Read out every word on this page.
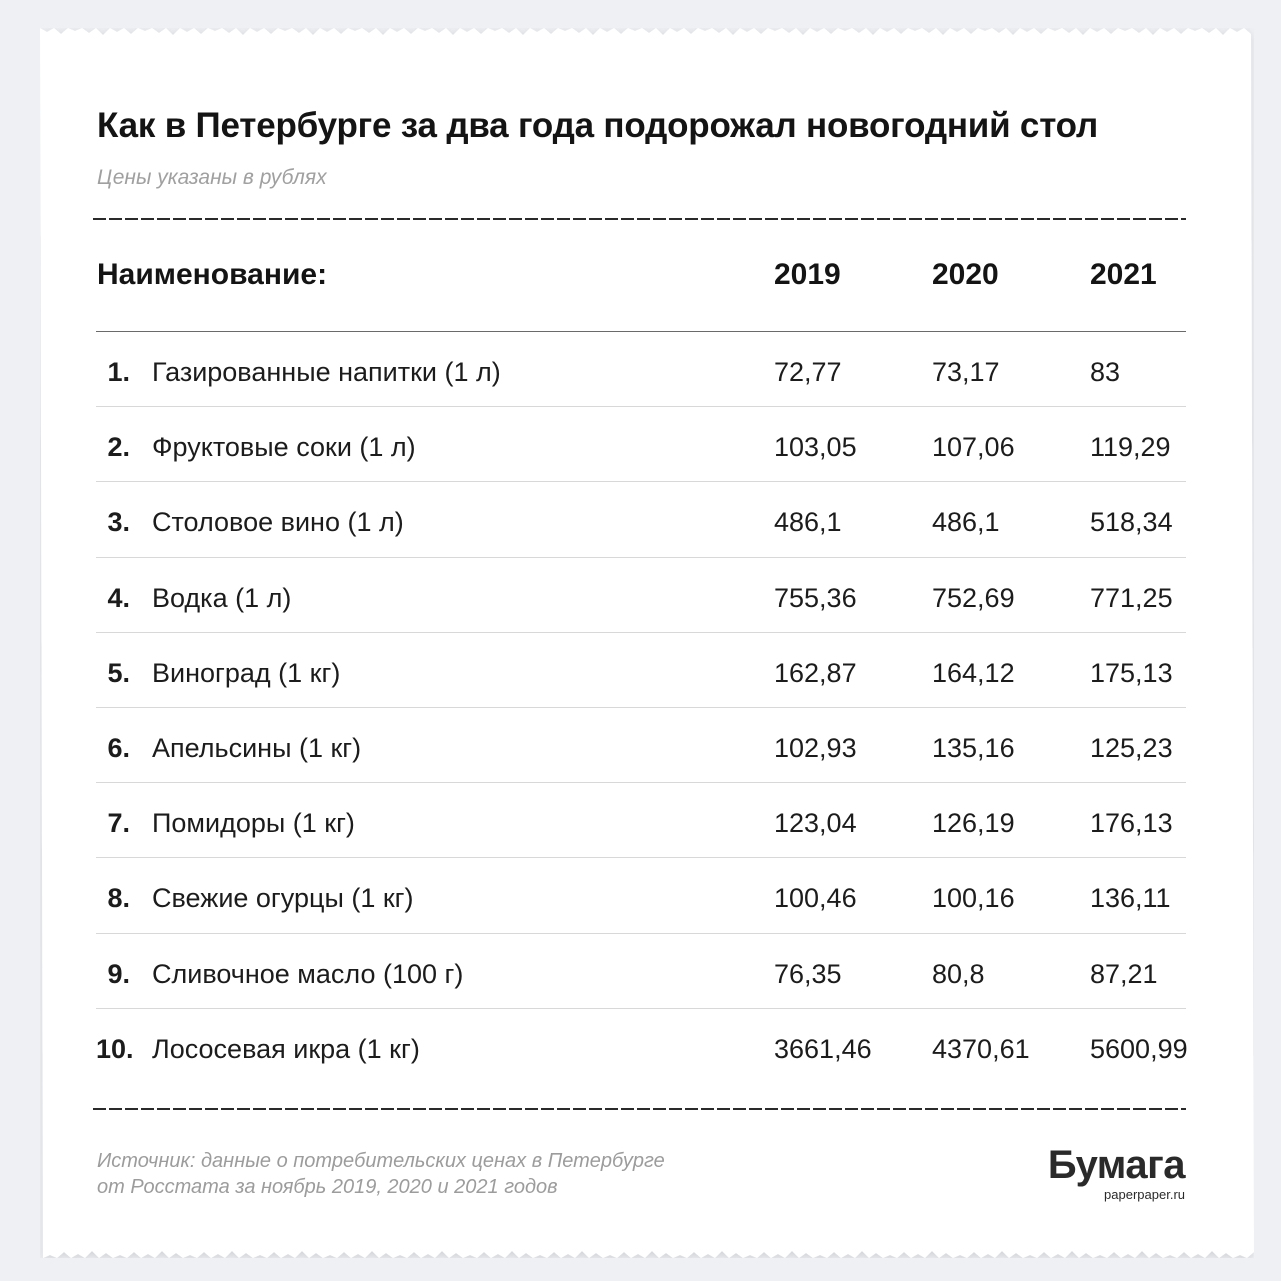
Как в Петербурге за два года подорожал новогодний стол
Цены указаны в рублях
Наименование:	2019	2020	2021
1. Газированные напитки (1 л)	72,77	73,17	83
2. Фруктовые соки (1 л)	103,05	107,06	119,29
3. Столовое вино (1 л)	486,1	486,1	518,34
4. Водка (1 л)	755,36	752,69	771,25
5. Виноград (1 кг)	162,87	164,12	175,13
6. Апельсины (1 кг)	102,93	135,16	125,23
7. Помидоры (1 кг)	123,04	126,19	176,13
8. Свежие огурцы (1 кг)	100,46	100,16	136,11
9. Сливочное масло (100 г)	76,35	80,8	87,21
10. Лососевая икра (1 кг)	3661,46 4370,61 5600,99
Источник: данные о потребительских ценах в Петербурге
от Росстата за ноябрь 2019, 2020 и 2021 годов	Бумага
paperpaper.ru
